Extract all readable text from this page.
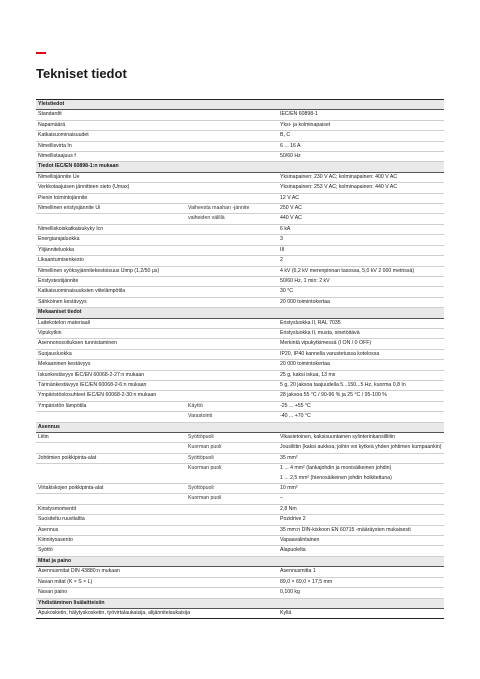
Tekniset tiedot
Yleistiedot		
Standardit		IEC/EN 60898-1
Napamäärä		Yksi- ja kolminapaiset
Katkaisuominaisuudet		B, C
Nimellisvirta In		6 ... 16 A
Nimellistaajuus f		50/60 Hz
Tiedot IEC/EN 60898-1:n mukaan		
Nimellisjännite Ue		Yksinapainen: 230 V AC; kolminapainen: 400 V AC
Verkkotaajuisen jännitteen sieto (Umax)		Yksinapainen: 253 V AC; kolminapainen: 440 V AC
Pienin toimintojännite		12 V AC
Nimellinen eristysjännite Ui	Vaiheesta maahan -jännite	250 V AC
	vaiheiden välillä	440 V AC
Nimelliskoiskatkaisukyky Icn		6 kA
Energiarajaluokka		3
Ylijänniteluokka		III
Likaantumisenkesto		2
Nimellinen syöksyjännitekestoisuus Uimp (1,2/50 μs)		4 kV (6,2 kV merenpinnan tasossa, 5,0 kV 2 000 metrissä)
Eristystestijännite		50/60 Hz, 1 min: 2 kV
Katkaisuominaisuuksien viitelämpötila		30 °C
Sähköinen kestävyys		20 000 toimintokertaa
Mekaaniset tiedot		
Laitekotelon materiaali		Eristysluokka II, RAL 7035
Vipukytkin		Eristysluokka II, musta, sinetöitävä
Asennonosoituksen tunnistaminen		Merkintä vipukytkimessä (I ON / 0 OFF)
Suojausluokka		IP20, IP40 kannella varustetussa kotelossa
Mekaaninen kestävyys		20 000 toimintokertaa
Iskunkestävyys IEC/EN 60068-2-27:n mukaan		25 g, kaksi iskua, 13 ms
Tärinänkestävyys IEC/EN 60068-2-6:n mukaan		5 g, 20 jaksoa taajuudella 5...150...5 Hz, kuorma 0,8 In
Ympäristöolosuhteet IEC/EN 60068-2-30:n mukaan		28 jaksoa 55 °C / 90-96 % ja 25 °C / 95-100 %
Ympäristön lämpötila	Käyttö	-25 ... +55 °C
	Varastointi	-40 ... +70 °C
Asennus		
Liitin	Syöttöpuoli	Vikasietoinen, kaksisuuntainen sylinterinkansilliitin
	Kuorman puoli	Jousiliitin (kaksi aukkoa, joihin voi kytkeä yhden johtimen kumpaankin)
Johtimien poikkipinta-alat	Syöttöpuoli	35 mm²
	Kuorman puoli	1 ... 4 mm² (lankajohdin ja monisäikeinen johdin)
1 ... 2,5 mm² (hienosäikeinen johdin holkitettuna)
Virtakiskojen poikkipinta-alat	Syöttöpuoli	10 mm²
	Kuorman puoli	–
Kiristysmomentit		2,8 Nm
Suositeltu ruuvitaltta		Pozidrive 2
Asennus		35 mm:n DIN-kiskoon EN 60715 -määräysten mukaisesti
Kiinnitysasento		Vapaavalintainen
Syöttö		Alapuolelta
Mitat ja paino		
Asennusmitat DIN 43880:n mukaan		Asennusmitta 1
Navan mitat (K × S × L)		89,0 × 69,0 × 17,5 mm
Navan paino		0,100 kg
Yhdistäminen lisälaitteisiin		
Apukosketin, hälytyskosketin, työvirtalaukaisija, alijännitelaukaisija		Kyllä
